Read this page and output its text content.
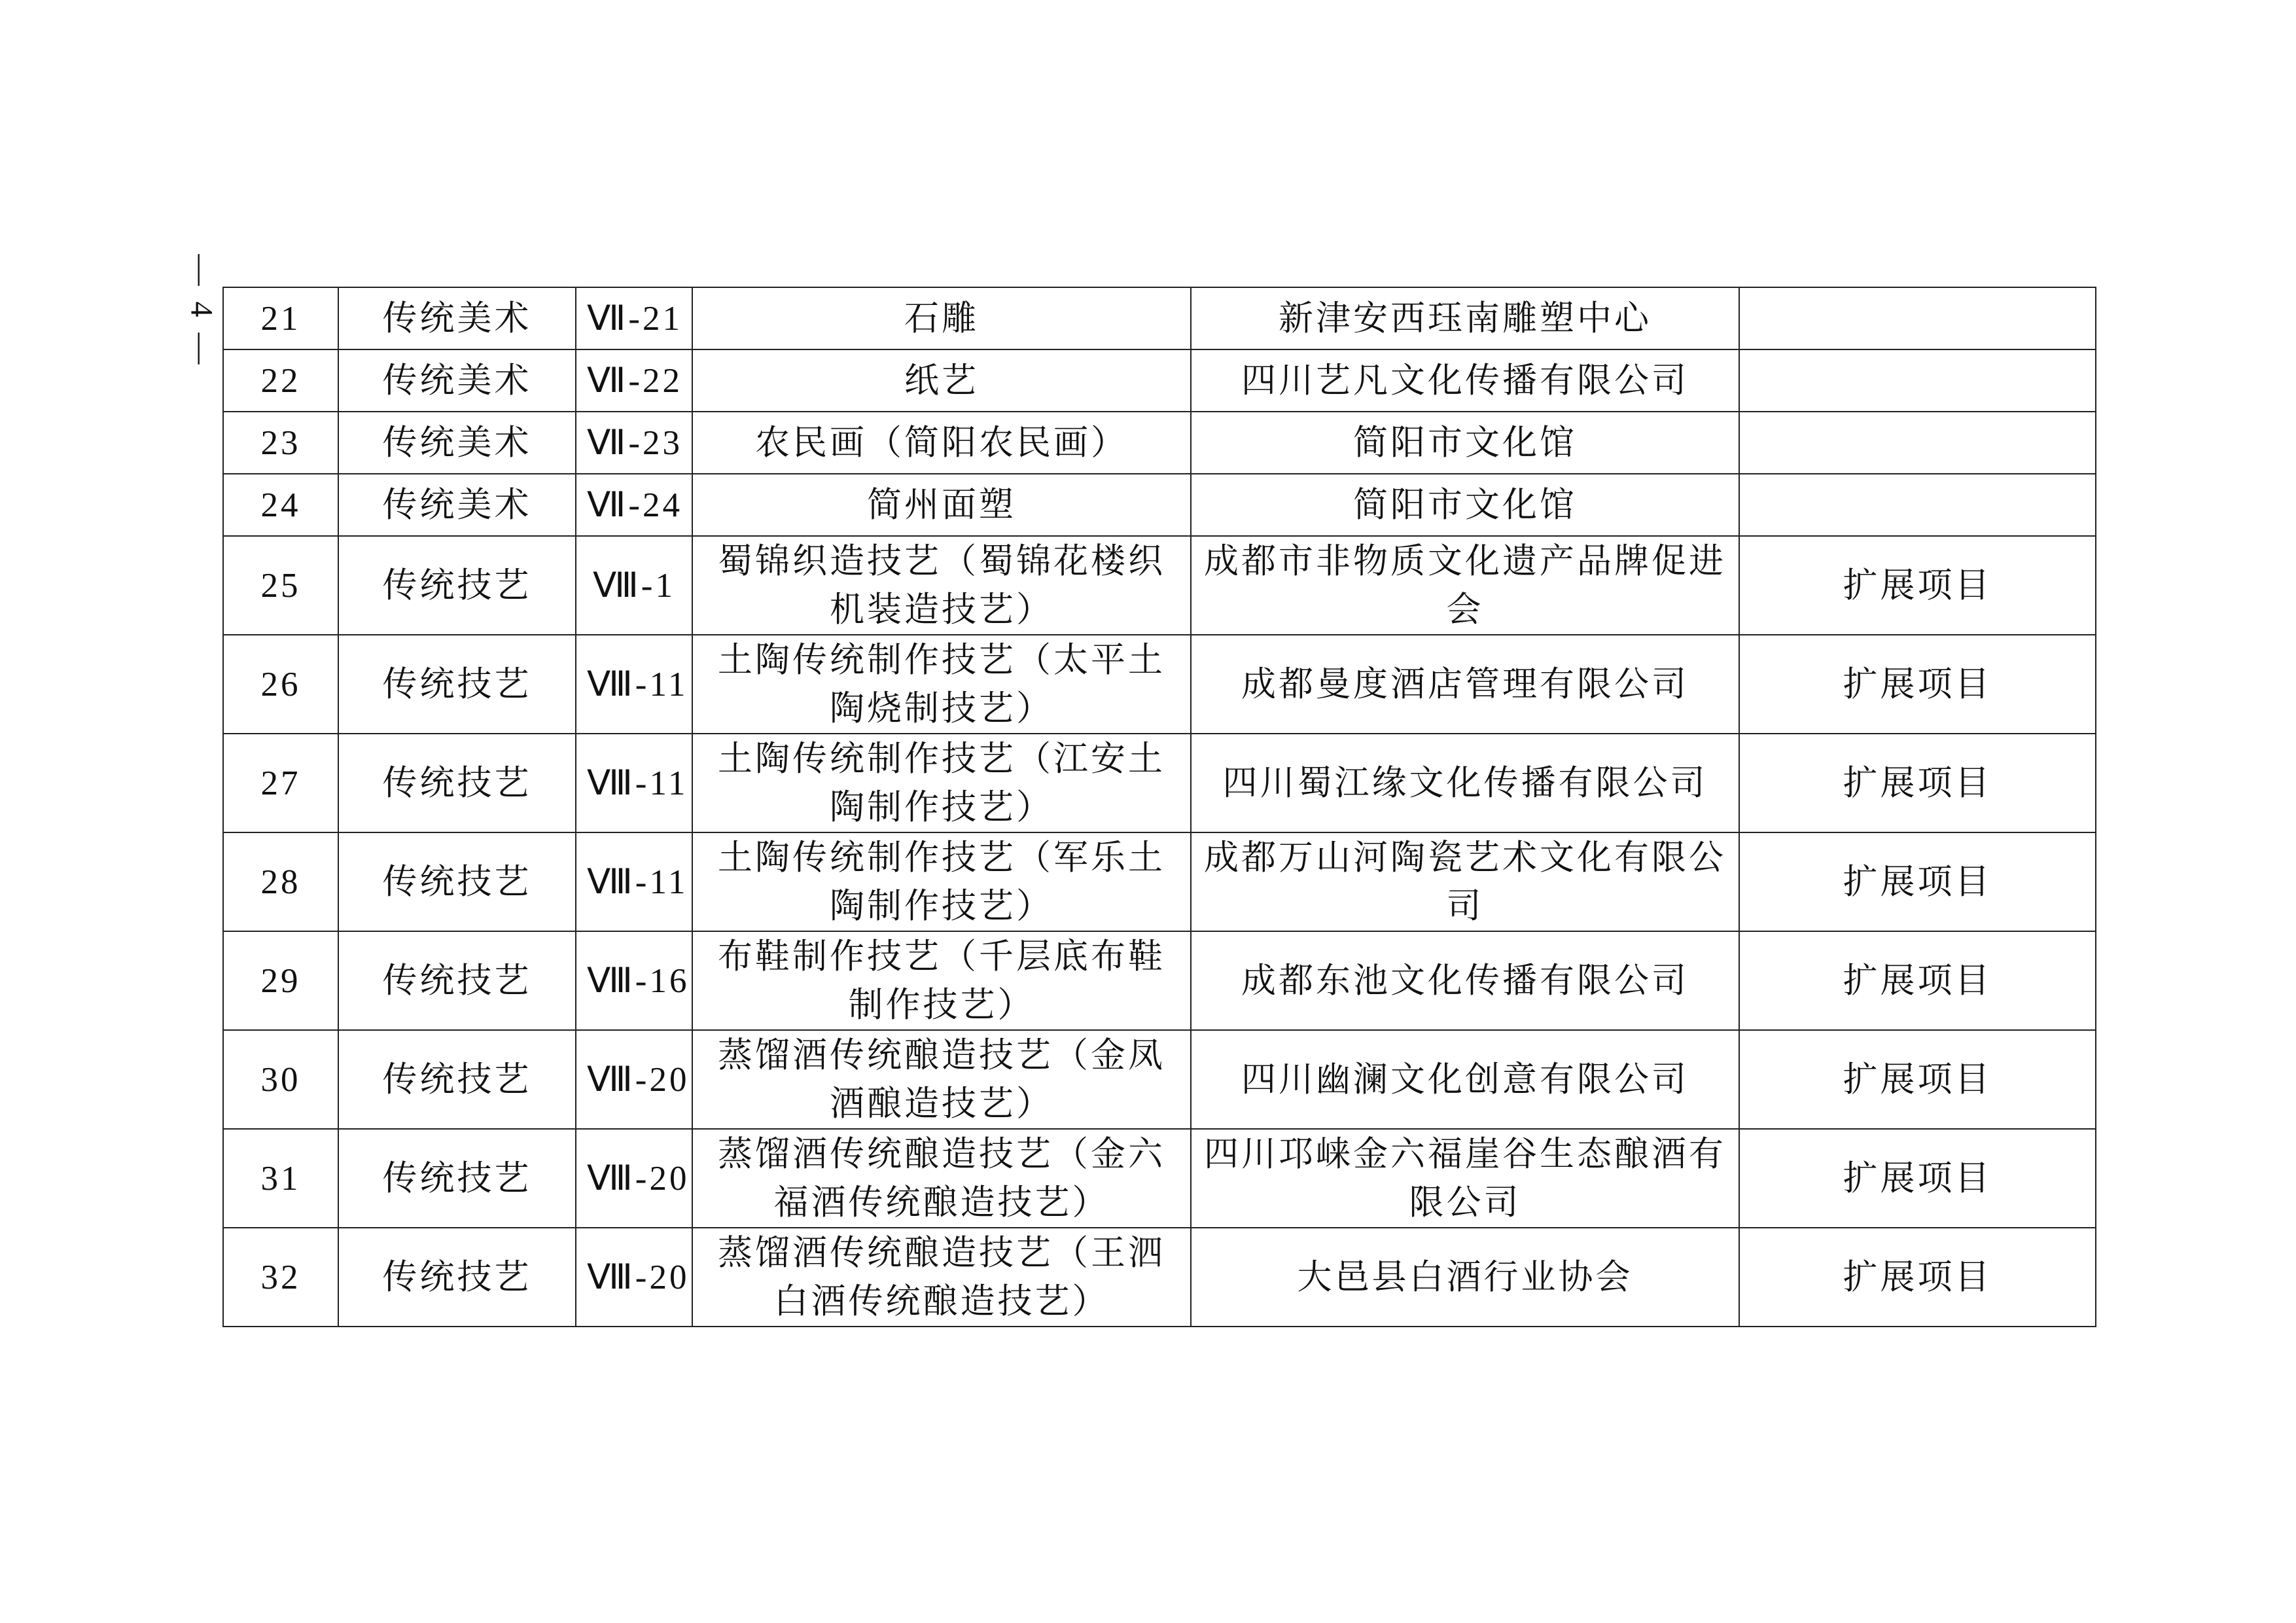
— 4 — 21	传统美术	Ⅶ-21	石雕	新津安西珏南雕塑中心	
22	传统美术	Ⅶ-22	纸艺	四川艺凡文化传播有限公司	
23	传统美术	Ⅶ-23	农民画（简阳农民画）	简阳市文化馆	
24	传统美术	Ⅶ-24	简州面塑	简阳市文化馆	
25	传统技艺	Ⅷ-1	蜀锦织造技艺（蜀锦花楼织机装造技艺）	成都市非物质文化遗产品牌促进会	扩展项目
26	传统技艺	Ⅷ-11	土陶传统制作技艺（太平土陶烧制技艺）	成都曼度酒店管理有限公司	扩展项目
27	传统技艺	Ⅷ-11	土陶传统制作技艺（江安土陶制作技艺）	四川蜀江缘文化传播有限公司	扩展项目
28	传统技艺	Ⅷ-11	土陶传统制作技艺（军乐土陶制作技艺）	成都万山河陶瓷艺术文化有限公司	扩展项目
29	传统技艺	Ⅷ-16	布鞋制作技艺（千层底布鞋制作技艺）	成都东池文化传播有限公司	扩展项目
30	传统技艺	Ⅷ-20	蒸馏酒传统酿造技艺（金凤酒酿造技艺）	四川幽澜文化创意有限公司	扩展项目
31	传统技艺	Ⅷ-20	蒸馏酒传统酿造技艺（金六福酒传统酿造技艺）	四川邛崃金六福崖谷生态酿酒有限公司	扩展项目
32	传统技艺	Ⅷ-20	蒸馏酒传统酿造技艺（王泗白酒传统酿造技艺）	大邑县白酒行业协会	扩展项目
